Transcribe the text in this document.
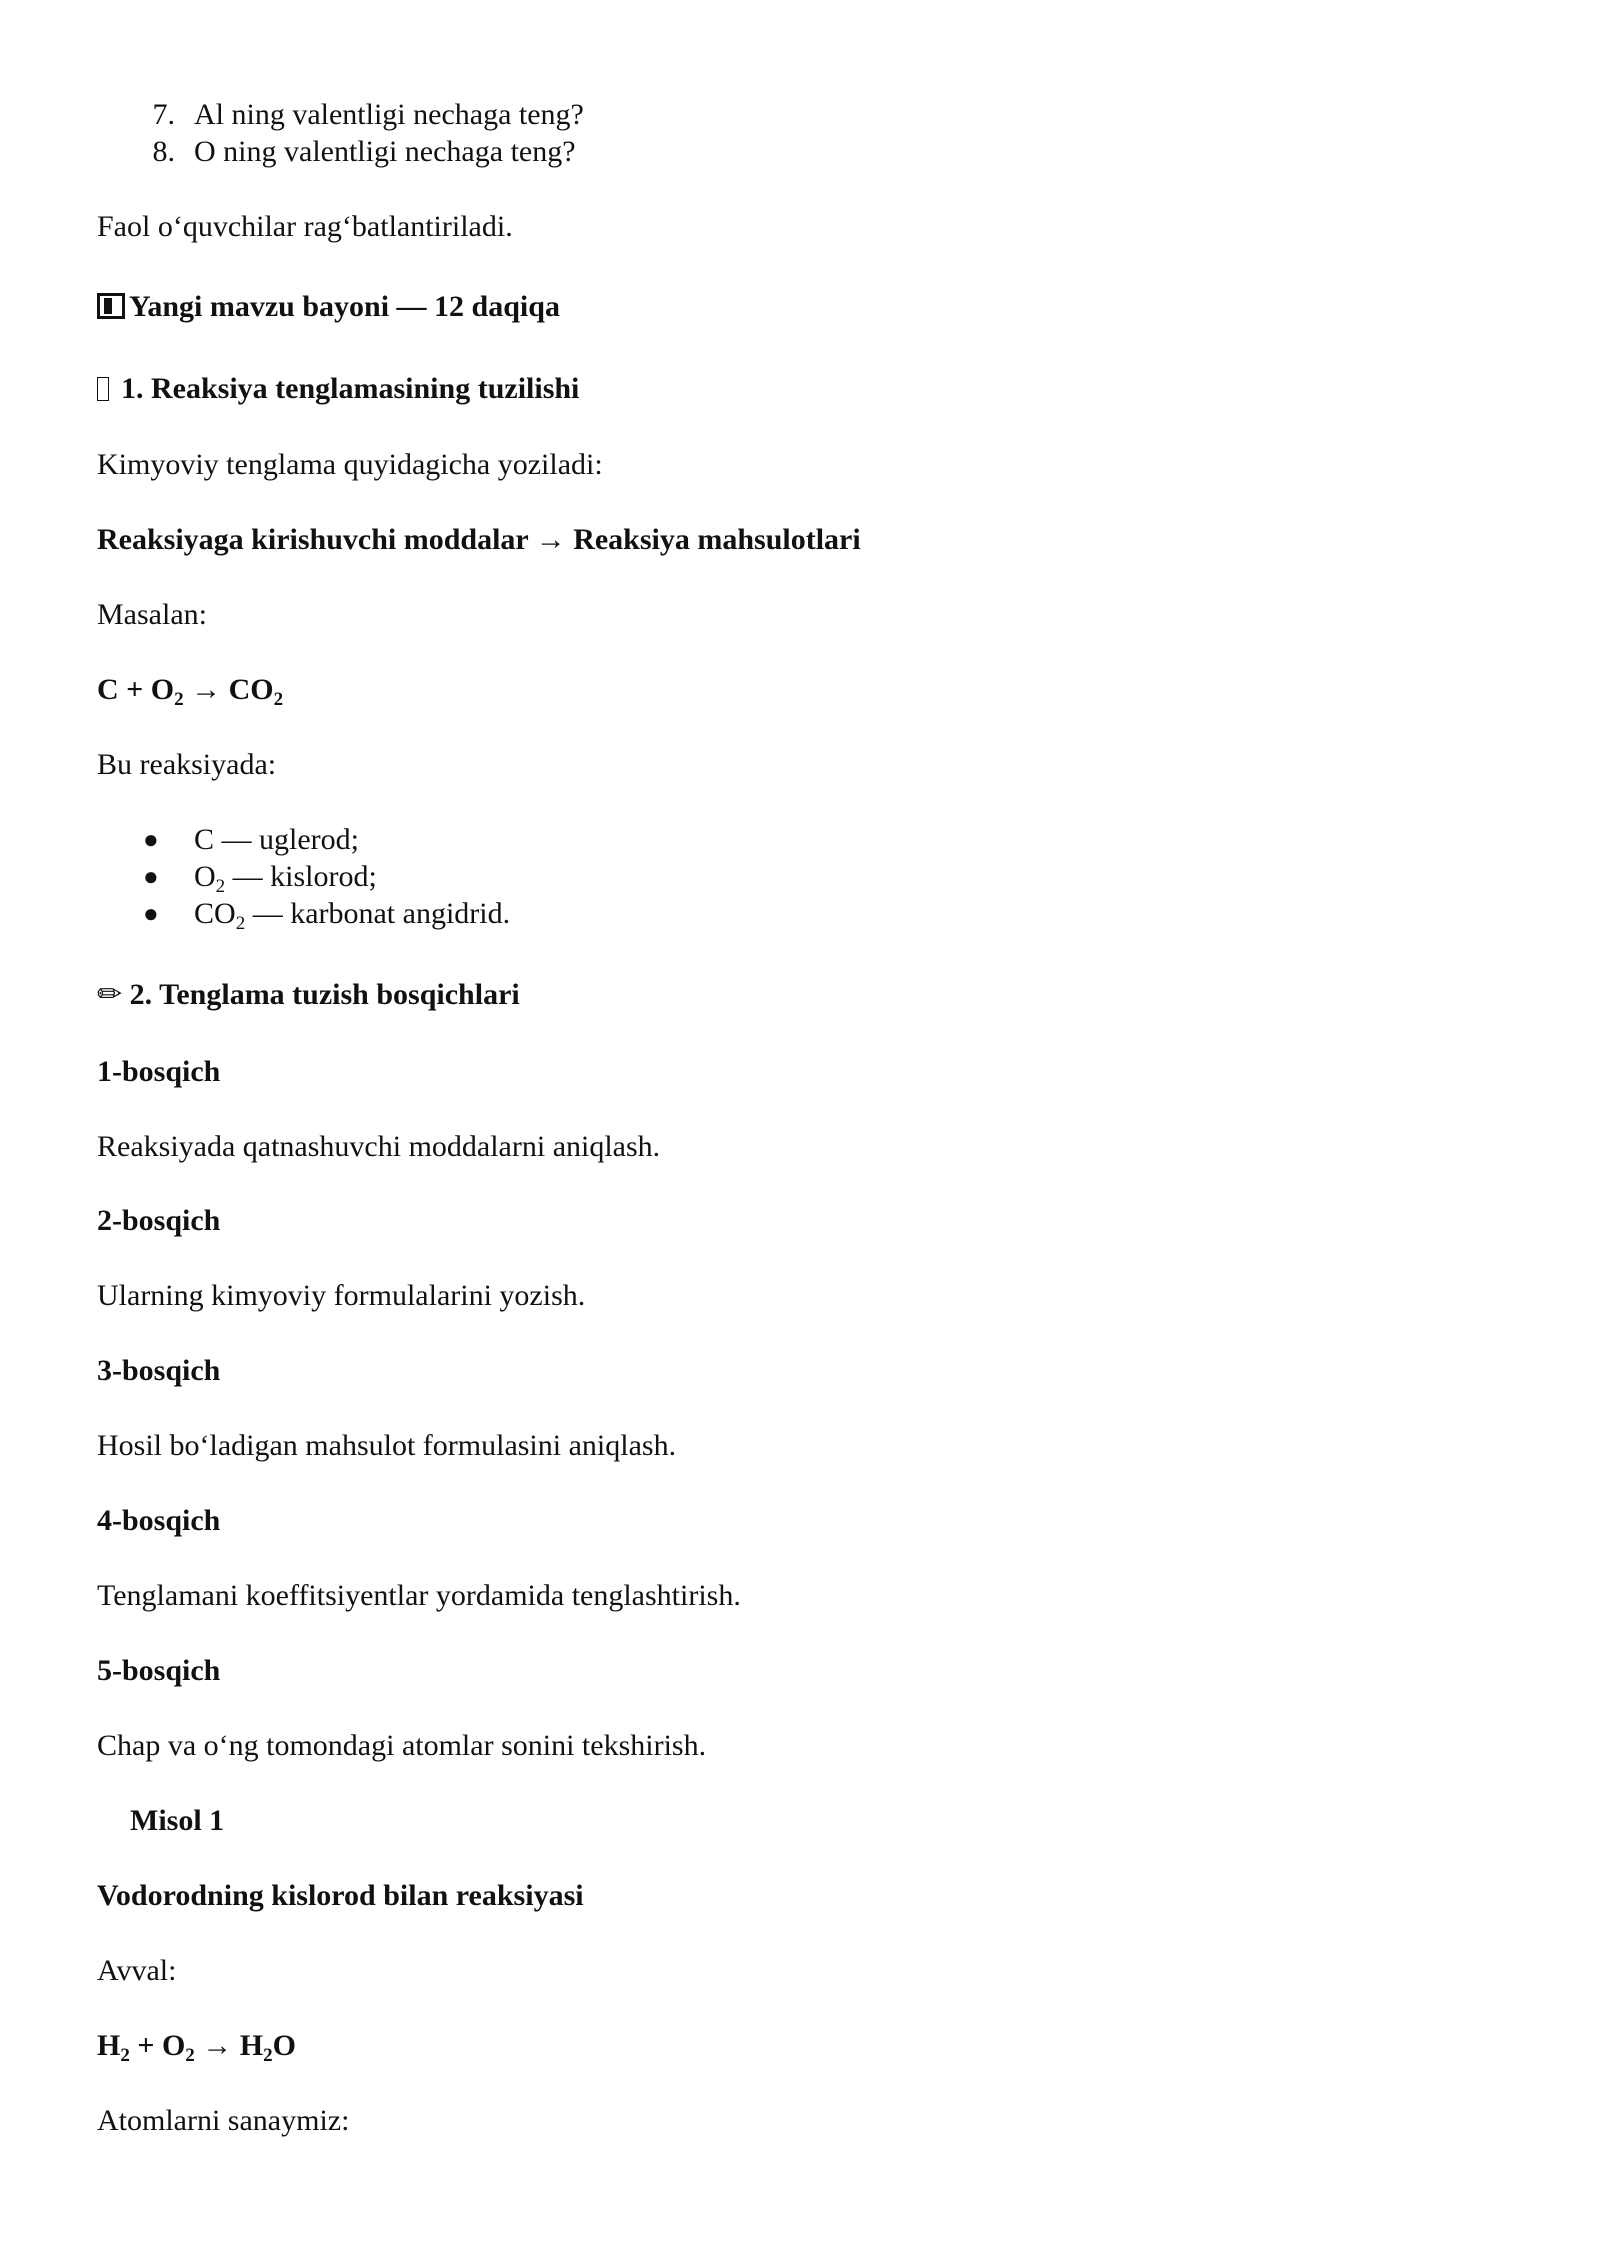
7. Al ning valentligi nechaga teng?
8. O ning valentligi nechaga teng?

Faol o‘quvchilar rag‘batlantiriladi.

Yangi mavzu bayoni — 12 daqiqa

1. Reaksiya tenglamasining tuzilishi

Kimyoviy tenglama quyidagicha yoziladi:

Reaksiyaga kirishuvchi moddalar → Reaksiya mahsulotlari

Masalan:

$C + O_2 \to CO_2$

Bu reaksiyada:

● C — uglerod;
● $O_2$ — kislorod;
● $CO_2$ — karbonat angidrid.

✏ 2. Tenglama tuzish bosqichlari

1-bosqich

Reaksiyada qatnashuvchi moddalarni aniqlash.

2-bosqich

Ularning kimyoviy formulalarini yozish.

3-bosqich

Hosil bo‘ladigan mahsulot formulasini aniqlash.

4-bosqich

Tenglamani koeffitsiyentlar yordamida tenglashtirish.

5-bosqich

Chap va o‘ng tomondagi atomlar sonini tekshirish.

Misol 1

Vodorodning kislorod bilan reaksiyasi

Avval:

$H_2 + O_2 \to H_2O$

Atomlarni sanaymiz:
